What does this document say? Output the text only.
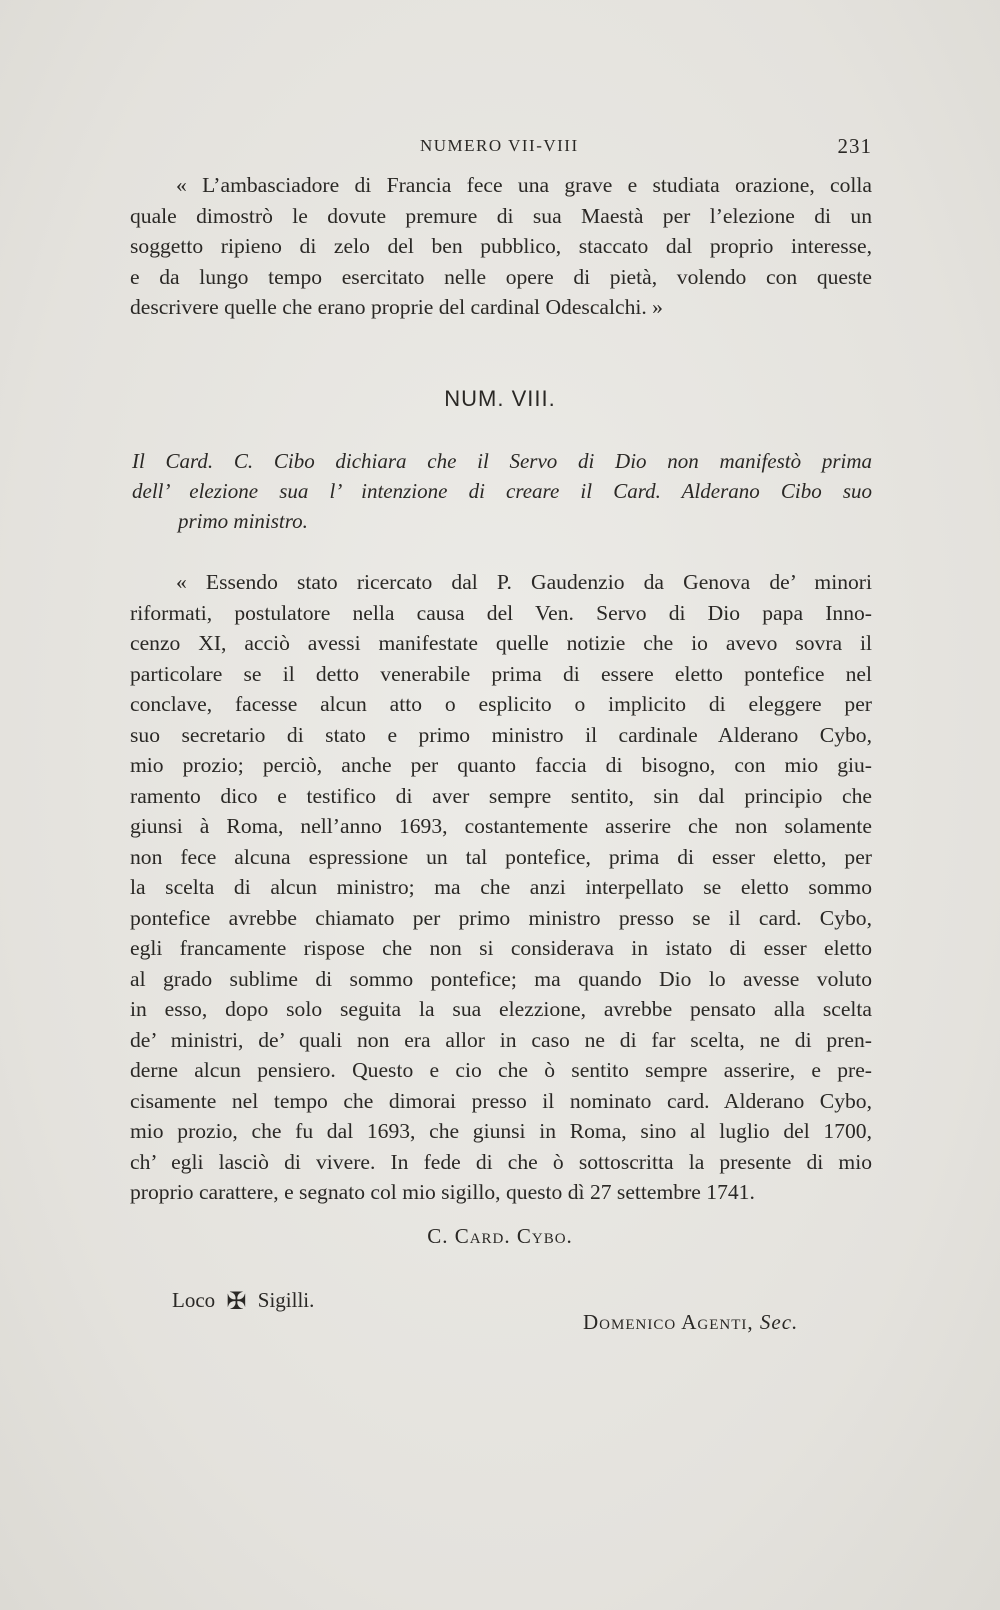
NUMERO VII-VIII	231
« L’ambasciadore di Francia fece una grave e studiata orazione, colla
quale dimostrò le dovute premure di sua Maestà per l’elezione di un
soggetto ripieno di zelo del ben pubblico, staccato dal proprio interesse,
e da lungo tempo esercitato nelle opere di pietà, volendo con queste
descrivere quelle che erano proprie del cardinal Odescalchi. »
NUM. VIII.
Il Card. C. Cibo dichiara che il Servo di Dio non manifestò prima
dell’ elezione sua l’ intenzione di creare il Card. Alderano Cibo suo
primo ministro.
« Essendo stato ricercato dal P. Gaudenzio da Genova de’ minori
riformati, postulatore nella causa del Ven. Servo di Dio papa Inno-
cenzo XI, acciò avessi manifestate quelle notizie che io avevo sovra il
particolare se il detto venerabile prima di essere eletto pontefice nel
conclave, facesse alcun atto o esplicito o implicito di eleggere per
suo secretario di stato e primo ministro il cardinale Alderano Cybo,
mio prozio; perciò, anche per quanto faccia di bisogno, con mio giu-
ramento dico e testifico di aver sempre sentito, sin dal principio che
giunsi à Roma, nell’anno 1693, costantemente asserire che non solamente
non fece alcuna espressione un tal pontefice, prima di esser eletto, per
la scelta di alcun ministro; ma che anzi interpellato se eletto sommo
pontefice avrebbe chiamato per primo ministro presso se il card. Cybo,
egli francamente rispose che non si considerava in istato di esser eletto
al grado sublime di sommo pontefice; ma quando Dio lo avesse voluto
in esso, dopo solo seguita la sua elezzione, avrebbe pensato alla scelta
de’ ministri, de’ quali non era allor in caso ne di far scelta, ne di pren-
derne alcun pensiero. Questo e cio che ò sentito sempre asserire, e pre-
cisamente nel tempo che dimorai presso il nominato card. Alderano Cybo,
mio prozio, che fu dal 1693, che giunsi in Roma, sino al luglio del 1700,
ch’ egli lasciò di vivere. In fede di che ò sottoscritta la presente di mio
proprio carattere, e segnato col mio sigillo, questo dì 27 settembre 1741.
C. Card. Cybo.
Loco ✠ Sigilli.
Domenico Agenti, Sec.
